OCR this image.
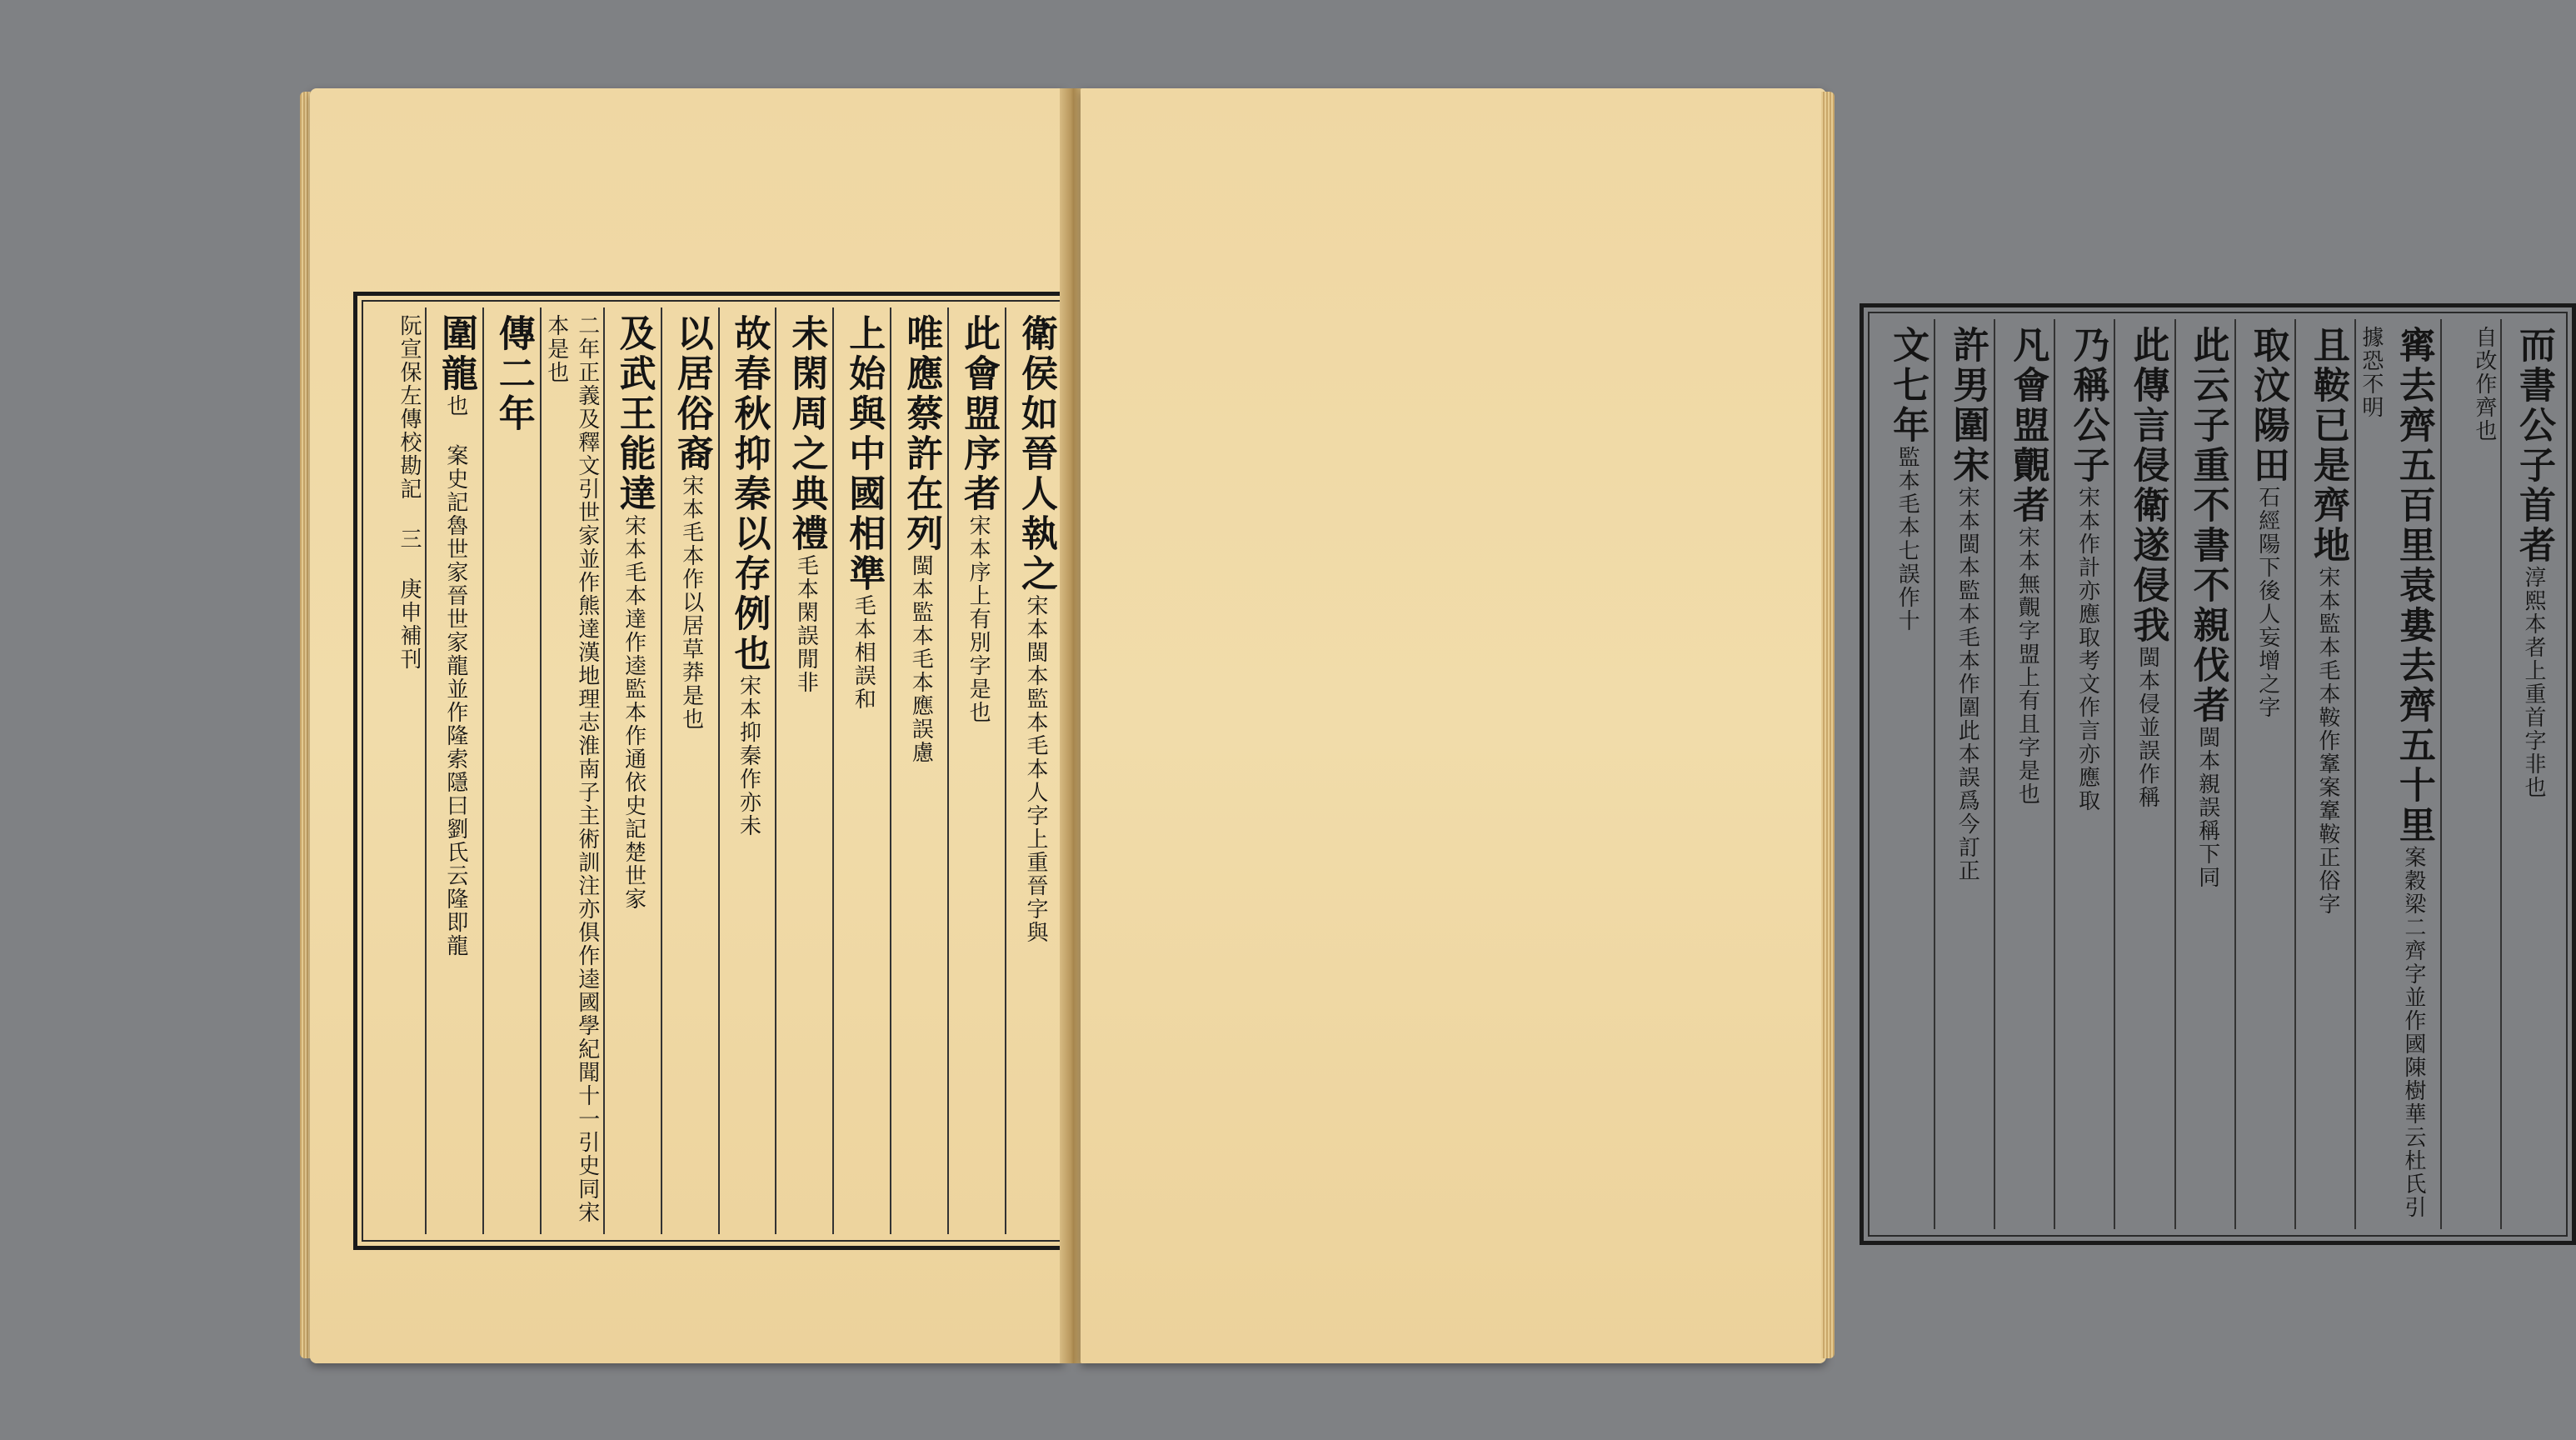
衛侯如晉人執之宋本閩本監本毛本人字上重晉字與
此會盟序者宋本序上有別字是也
唯應蔡許在列閩本監本毛本應誤慮
上始與中國相準毛本相誤和
未閑周之典禮毛本閑誤閒非
故春秋抑秦以存例也宋本抑秦作亦未
以居俗裔宋本毛本作以居草莽是也
及武王能達宋本毛本達作逵監本作通依史記楚世家
二年正義及釋文引世家並作熊達漢地理志淮南子主術訓注亦俱作逵國學紀聞十一引史同宋本是也
傳二年
圍龍也 案史記魯世家晉世家龍並作隆索隱曰劉氏云隆即龍
阮宣保左傳校勘記 三 庚申補刊	而書公子首者淳熙本者上重首字非也
自改作齊也
寗去齊五百里袁婁去齊五十里案穀梁二齊字並作國陳樹華云杜氏引據恐不明
且鞍已是齊地宋本監本毛本鞍作鞌案鞌鞍正俗字
取汶陽田石經陽下後人妄增之字
此云子重不書不親伐者閩本親誤稱下同
此傳言侵衛遂侵我閩本侵並誤作稱
乃稱公子宋本作計亦應取考文作言亦應取
凡會盟覿者宋本無覿字盟上有且字是也
許男圍宋宋本閩本監本毛本作圍此本誤爲今訂正
文七年監本毛本七誤作十
